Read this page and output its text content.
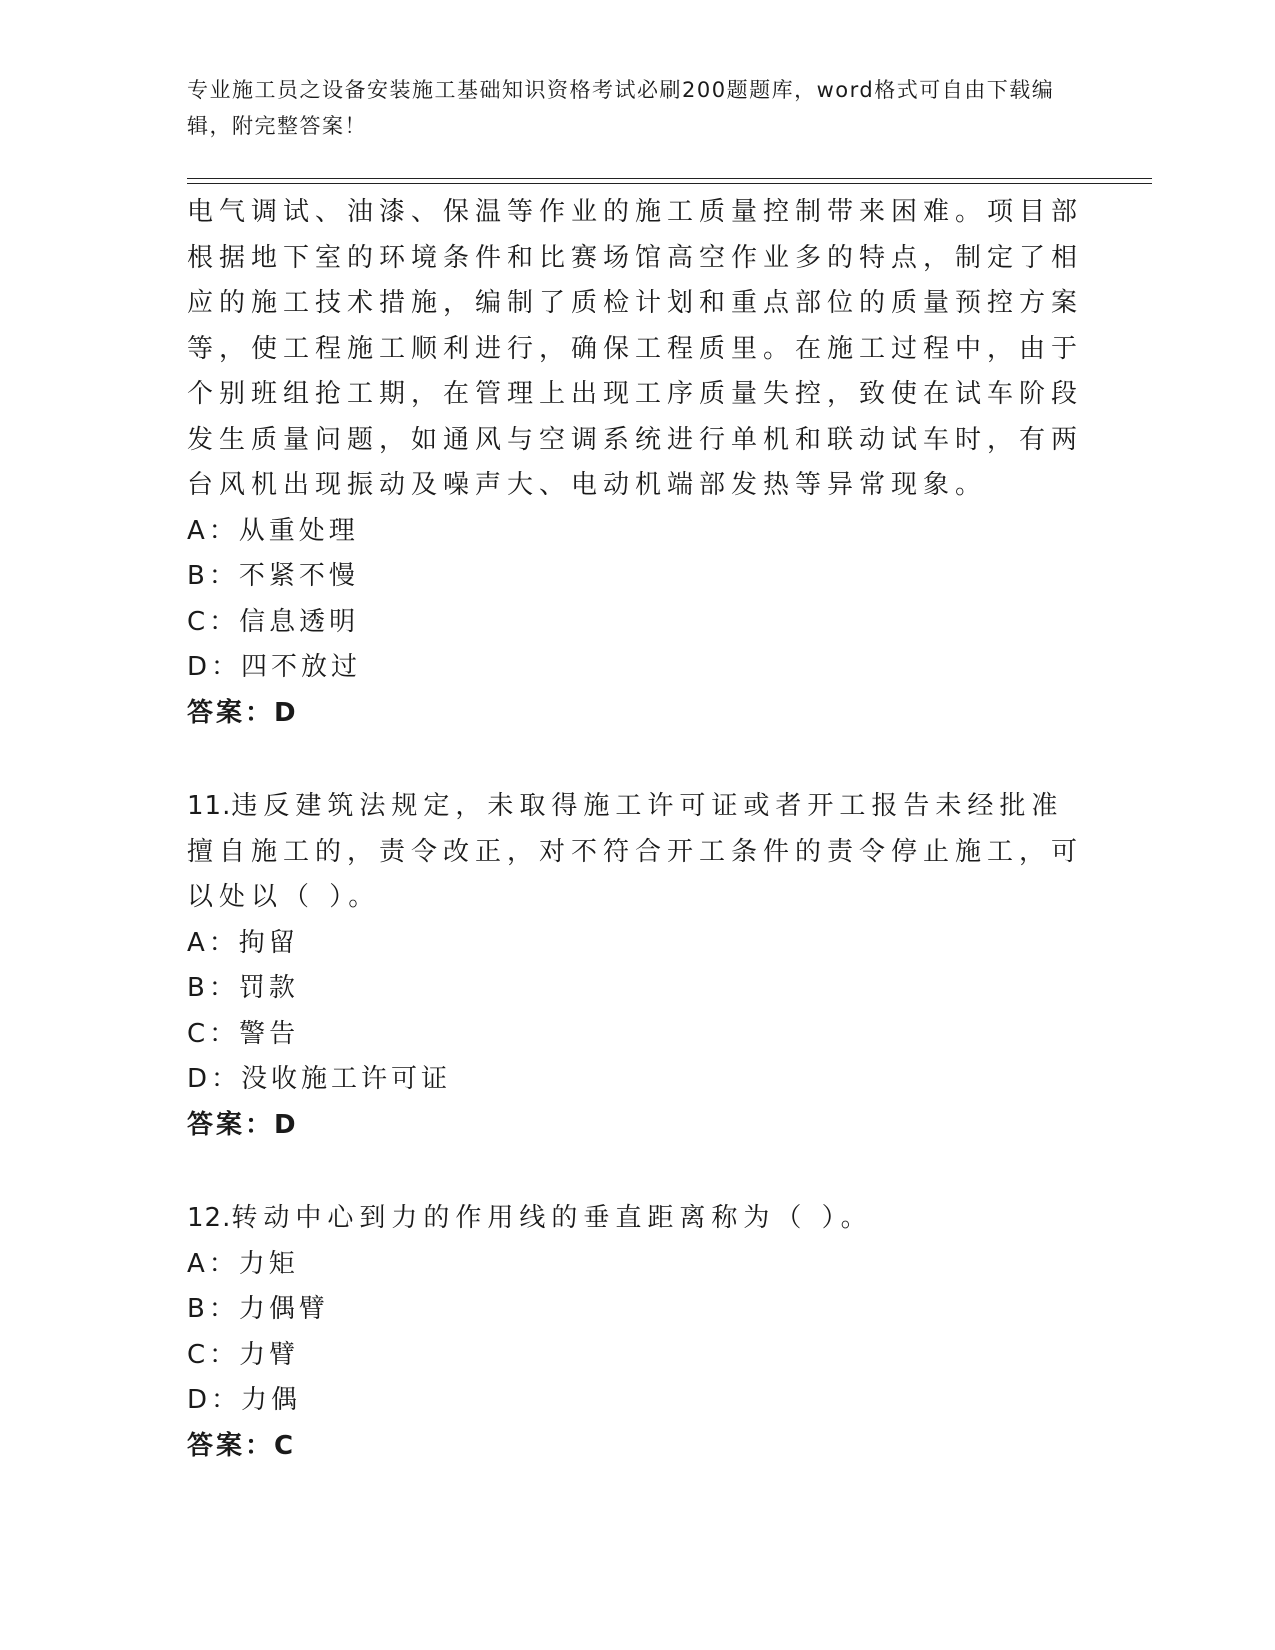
专业施工员之设备安装施工基础知识资格考试必刷200题题库，word格式可自由下载编辑，附完整答案！

电气调试、油漆、保温等作业的施工质量控制带来困难。项目部根据地下室的环境条件和比赛场馆高空作业多的特点，制定了相应的施工技术措施，编制了质检计划和重点部位的质量预控方案等，使工程施工顺利进行，确保工程质里。在施工过程中，由于个别班组抢工期，在管理上出现工序质量失控，致使在试车阶段发生质量问题，如通风与空调系统进行单机和联动试车时，有两台风机出现振动及噪声大、电动机端部发热等异常现象。

A：从重处理

B：不紧不慢

C：信息透明

D：四不放过

答案：D

11.违反建筑法规定，未取得施工许可证或者开工报告未经批准擅自施工的，责令改正，对不符合开工条件的责令停止施工，可以处以（ ）。

A：拘留

B：罚款

C：警告

D：没收施工许可证

答案：D

12.转动中心到力的作用线的垂直距离称为（ ）。

A：力矩

B：力偶臂

C：力臂

D：力偶

答案：C
